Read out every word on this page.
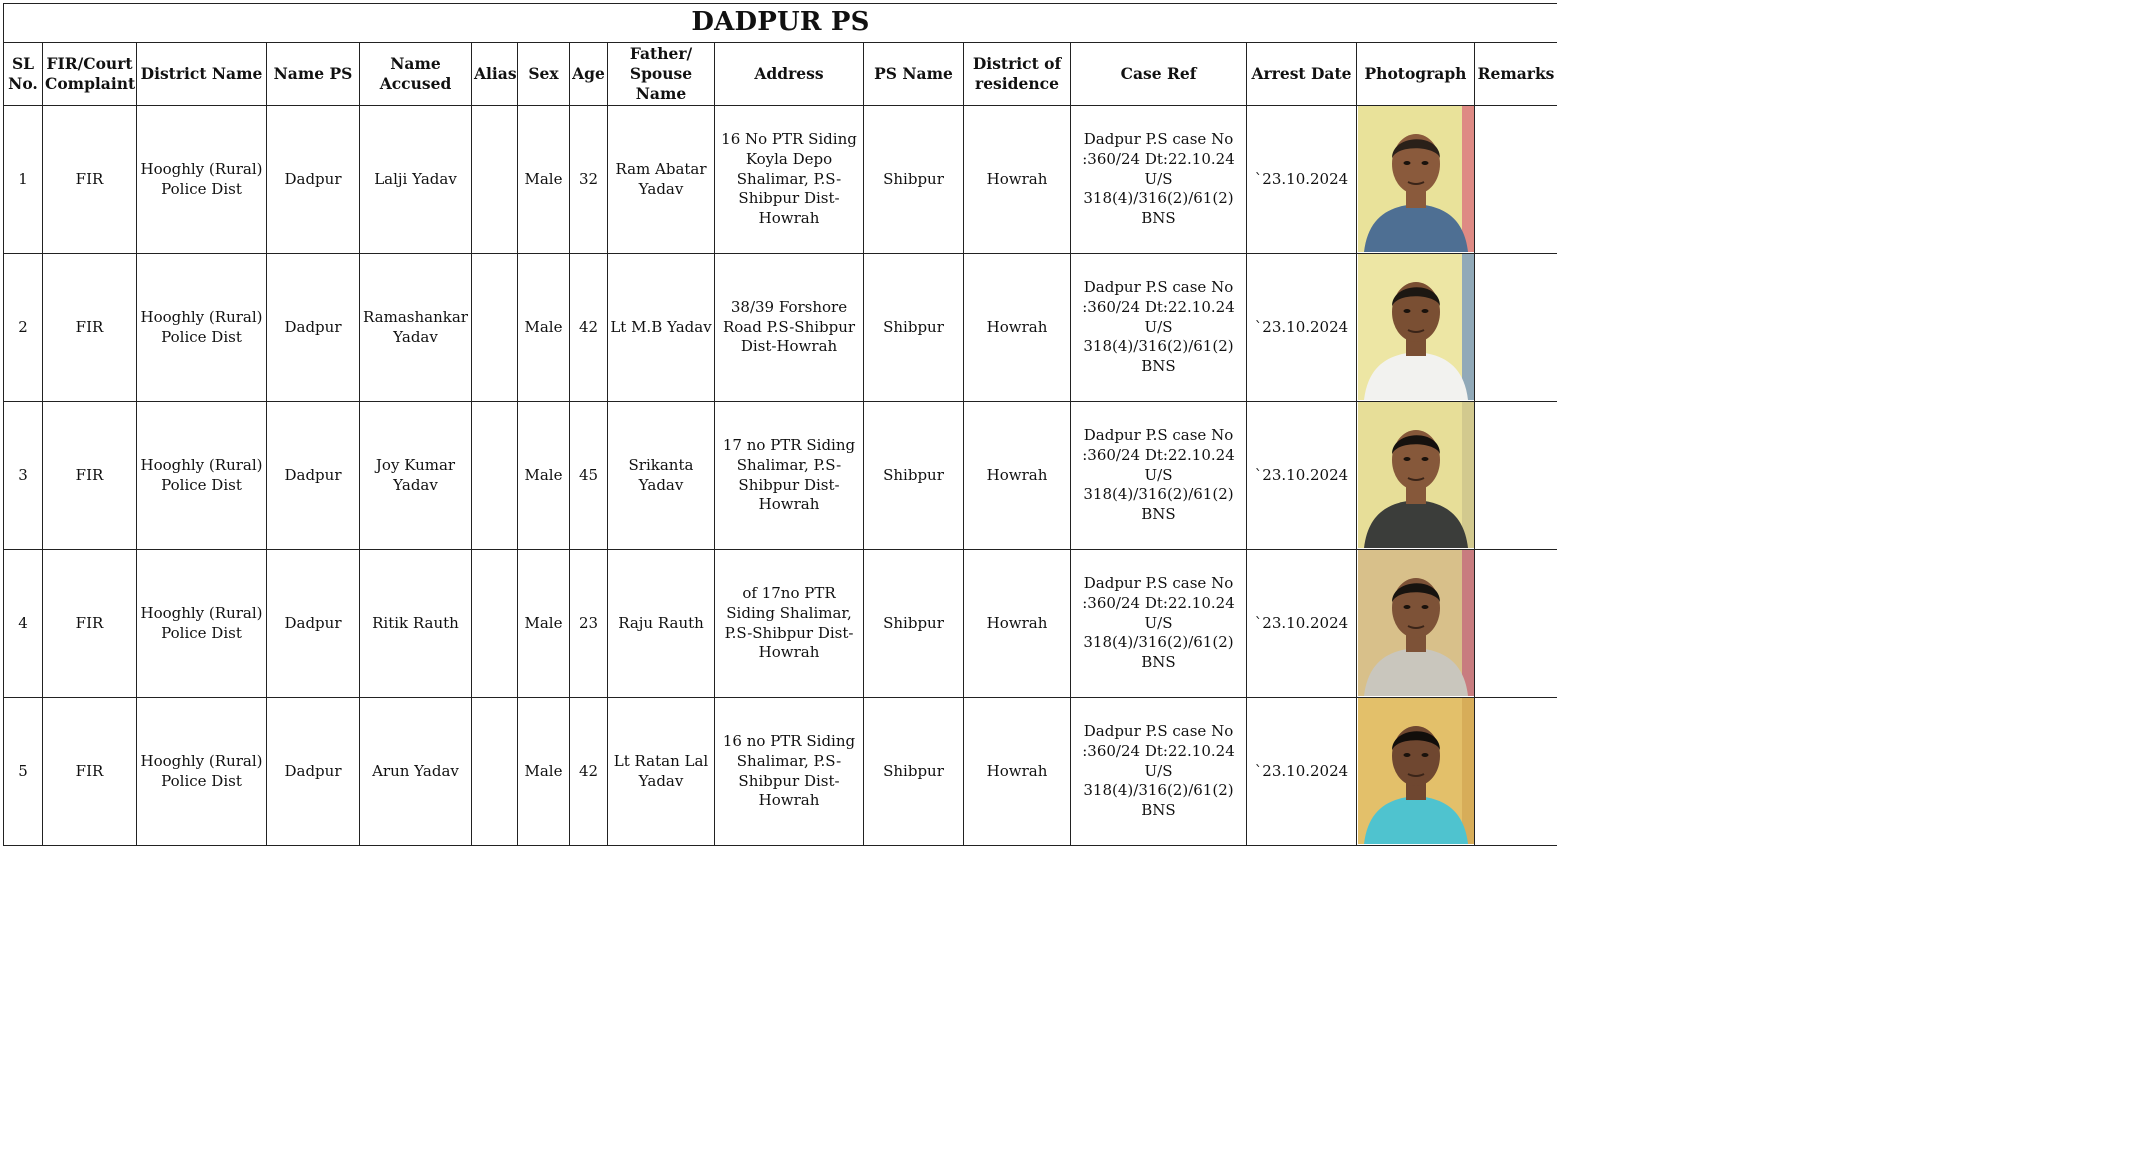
DADPUR PS															
SL No.	FIR/Court Complaint	District Name	Name PS	Name Accused	Alias	Sex	Age	Father/ Spouse Name	Address	PS Name	District of residence	Case Ref	Arrest Date	Photograph	Remarks
1	FIR	Hooghly (Rural) Police Dist	Dadpur	Lalji Yadav		Male	32	Ram Abatar Yadav	16 No PTR Siding Koyla Depo Shalimar, P.S-Shibpur Dist-Howrah	Shibpur	Howrah	Dadpur P.S case No :360/24 Dt:22.10.24 U/S 318(4)/316(2)/61(2) BNS	`23.10.2024	

2	FIR	Hooghly (Rural) Police Dist	Dadpur	Ramashankar Yadav		Male	42	Lt M.B Yadav	38/39 Forshore Road P.S-Shibpur Dist-Howrah	Shibpur	Howrah	Dadpur P.S case No :360/24 Dt:22.10.24 U/S 318(4)/316(2)/61(2) BNS	`23.10.2024	

3	FIR	Hooghly (Rural) Police Dist	Dadpur	Joy Kumar Yadav		Male	45	Srikanta Yadav	17 no PTR Siding Shalimar, P.S-Shibpur Dist-Howrah	Shibpur	Howrah	Dadpur P.S case No :360/24 Dt:22.10.24 U/S 318(4)/316(2)/61(2) BNS	`23.10.2024	

4	FIR	Hooghly (Rural) Police Dist	Dadpur	Ritik Rauth		Male	23	Raju Rauth	of 17no PTR Siding Shalimar, P.S-Shibpur Dist-Howrah	Shibpur	Howrah	Dadpur P.S case No :360/24 Dt:22.10.24 U/S 318(4)/316(2)/61(2) BNS	`23.10.2024	

5	FIR	Hooghly (Rural) Police Dist	Dadpur	Arun Yadav		Male	42	Lt Ratan Lal Yadav	16 no PTR Siding Shalimar, P.S-Shibpur Dist-Howrah	Shibpur	Howrah	Dadpur P.S case No :360/24 Dt:22.10.24 U/S 318(4)/316(2)/61(2) BNS	`23.10.2024	
